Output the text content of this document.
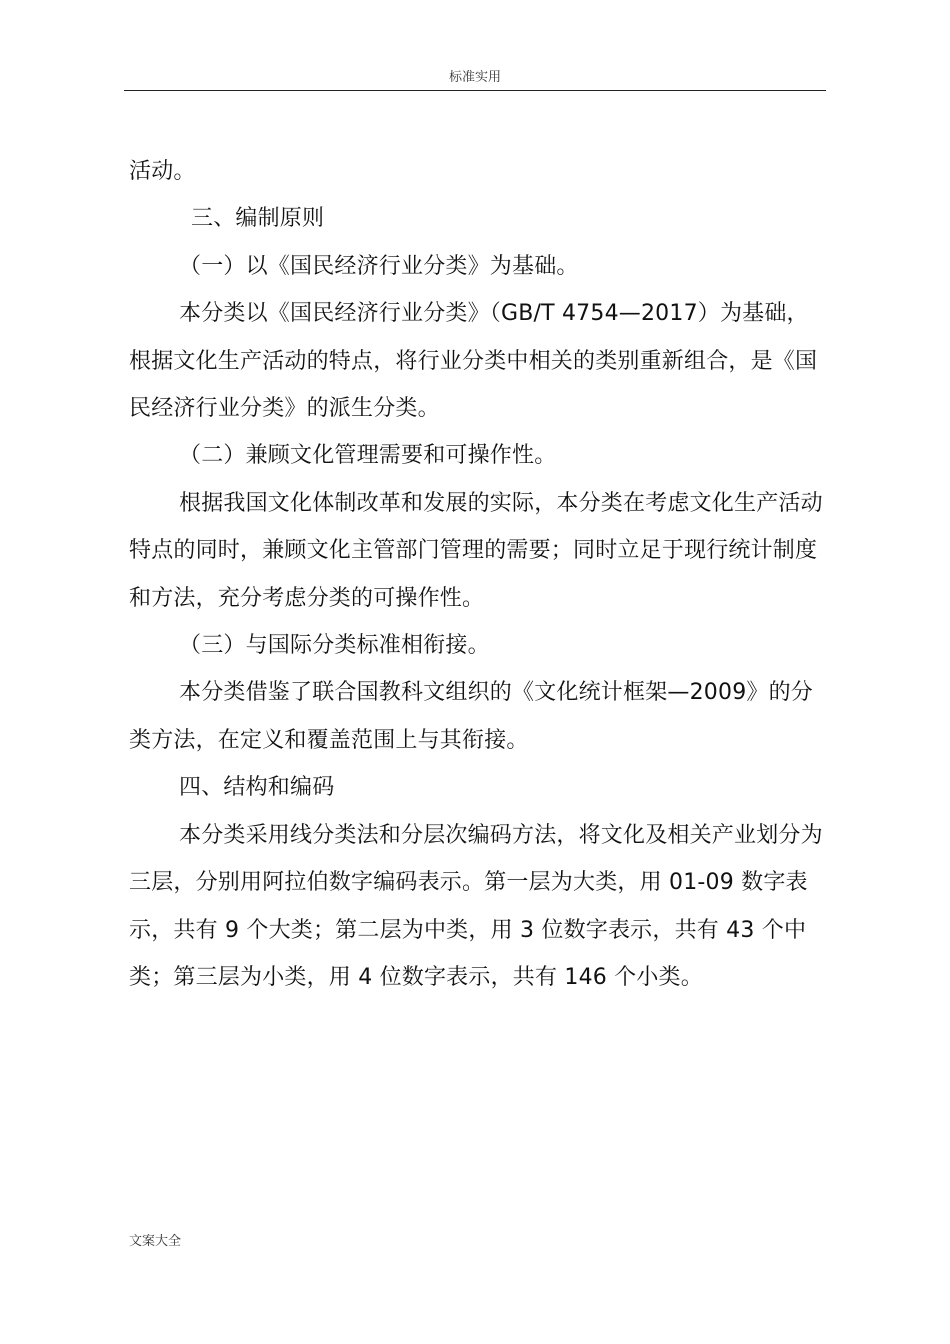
标准实用

活动。

三、编制原则

（一）以《国民经济行业分类》为基础。

本分类以《国民经济行业分类》（GB/T 4754—2017）为基础，根据文化生产活动的特点，将行业分类中相关的类别重新组合，是《国民经济行业分类》的派生分类。

（二）兼顾文化管理需要和可操作性。

根据我国文化体制改革和发展的实际，本分类在考虑文化生产活动特点的同时，兼顾文化主管部门管理的需要；同时立足于现行统计制度和方法，充分考虑分类的可操作性。

（三）与国际分类标准相衔接。

本分类借鉴了联合国教科文组织的《文化统计框架—2009》的分类方法，在定义和覆盖范围上与其衔接。

四、结构和编码

本分类采用线分类法和分层次编码方法，将文化及相关产业划分为三层，分别用阿拉伯数字编码表示。第一层为大类，用 01-09 数字表示，共有 9 个大类；第二层为中类，用 3 位数字表示，共有 43 个中类；第三层为小类，用 4 位数字表示，共有 146 个小类。

文案大全
